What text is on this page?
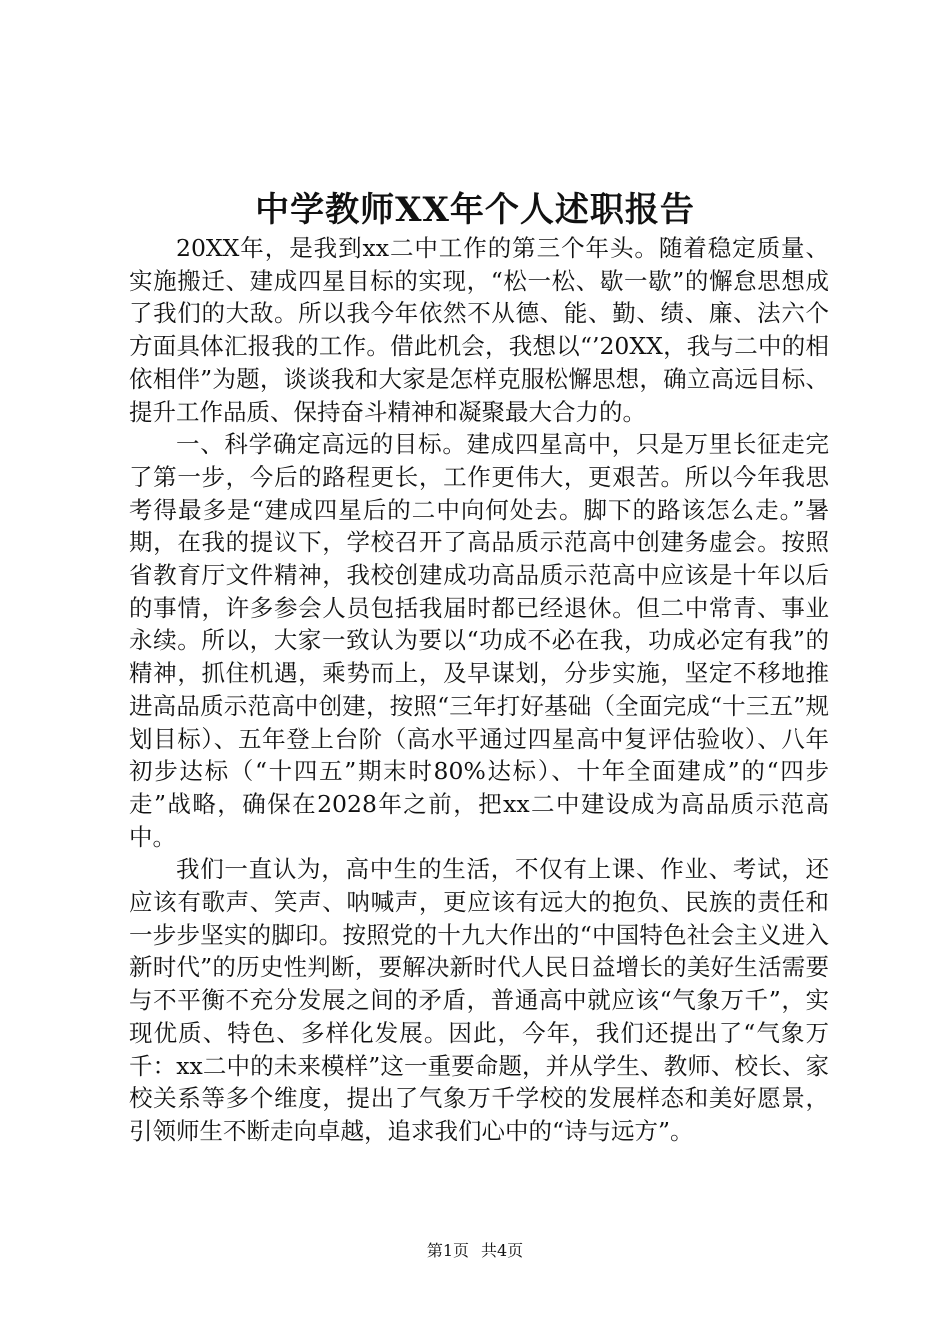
中学教师XX年个人述职报告

20XX年，是我到xx二中工作的第三个年头。随着稳定质量、实施搬迁、建成四星目标的实现，“松一松、歇一歇”的懈怠思想成了我们的大敌。所以我今年依然不从德、能、勤、绩、廉、法六个方面具体汇报我的工作。借此机会，我想以“’20XX，我与二中的相依相伴”为题，谈谈我和大家是怎样克服松懈思想，确立高远目标、提升工作品质、保持奋斗精神和凝聚最大合力的。

一、科学确定高远的目标。建成四星高中，只是万里长征走完了第一步，今后的路程更长，工作更伟大，更艰苦。所以今年我思考得最多是“建成四星后的二中向何处去。脚下的路该怎么走。”暑期，在我的提议下，学校召开了高品质示范高中创建务虚会。按照省教育厅文件精神，我校创建成功高品质示范高中应该是十年以后的事情，许多参会人员包括我届时都已经退休。但二中常青、事业永续。所以，大家一致认为要以“功成不必在我，功成必定有我”的精神，抓住机遇，乘势而上，及早谋划，分步实施，坚定不移地推进高品质示范高中创建，按照“三年打好基础（全面完成“十三五”规划目标）、五年登上台阶（高水平通过四星高中复评估验收）、八年初步达标（“十四五”期末时80%达标）、十年全面建成”的“四步走”战略，确保在2028年之前，把xx二中建设成为高品质示范高中。

我们一直认为，高中生的生活，不仅有上课、作业、考试，还应该有歌声、笑声、呐喊声，更应该有远大的抱负、民族的责任和一步步坚实的脚印。按照党的十九大作出的“中国特色社会主义进入新时代”的历史性判断，要解决新时代人民日益增长的美好生活需要与不平衡不充分发展之间的矛盾，普通高中就应该“气象万千”，实现优质、特色、多样化发展。因此，今年，我们还提出了“气象万千：xx二中的未来模样”这一重要命题，并从学生、教师、校长、家校关系等多个维度，提出了气象万千学校的发展样态和美好愿景，引领师生不断走向卓越，追求我们心中的“诗与远方”。

第1页 共4页
